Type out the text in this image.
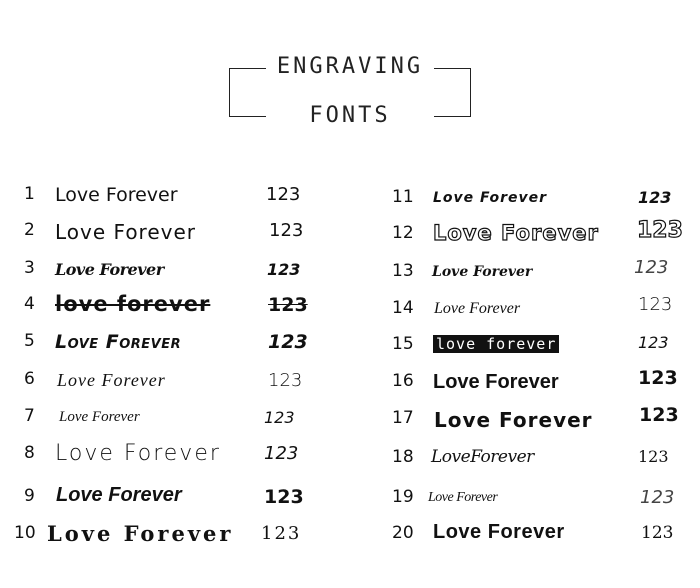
ENGRAVING
FONTS
1 Love Forever	123
2 Love Forever	123
3 Love Forever	123
4 love forever	123
5 Love Forever	123
6 Love Forever	123
7 Love Forever	123
8 Love Forever 123
9 Love Forever	123
10 Love Forever 123
11 Love Forever	123
12 Love Forever 123
13 Love Forever	123
14 Love Forever	123
15 love forever	123
16 Love Forever	123
17 Love Forever 123
18 LoveForever	123
19 Love Forever	123
20 Love Forever	123
